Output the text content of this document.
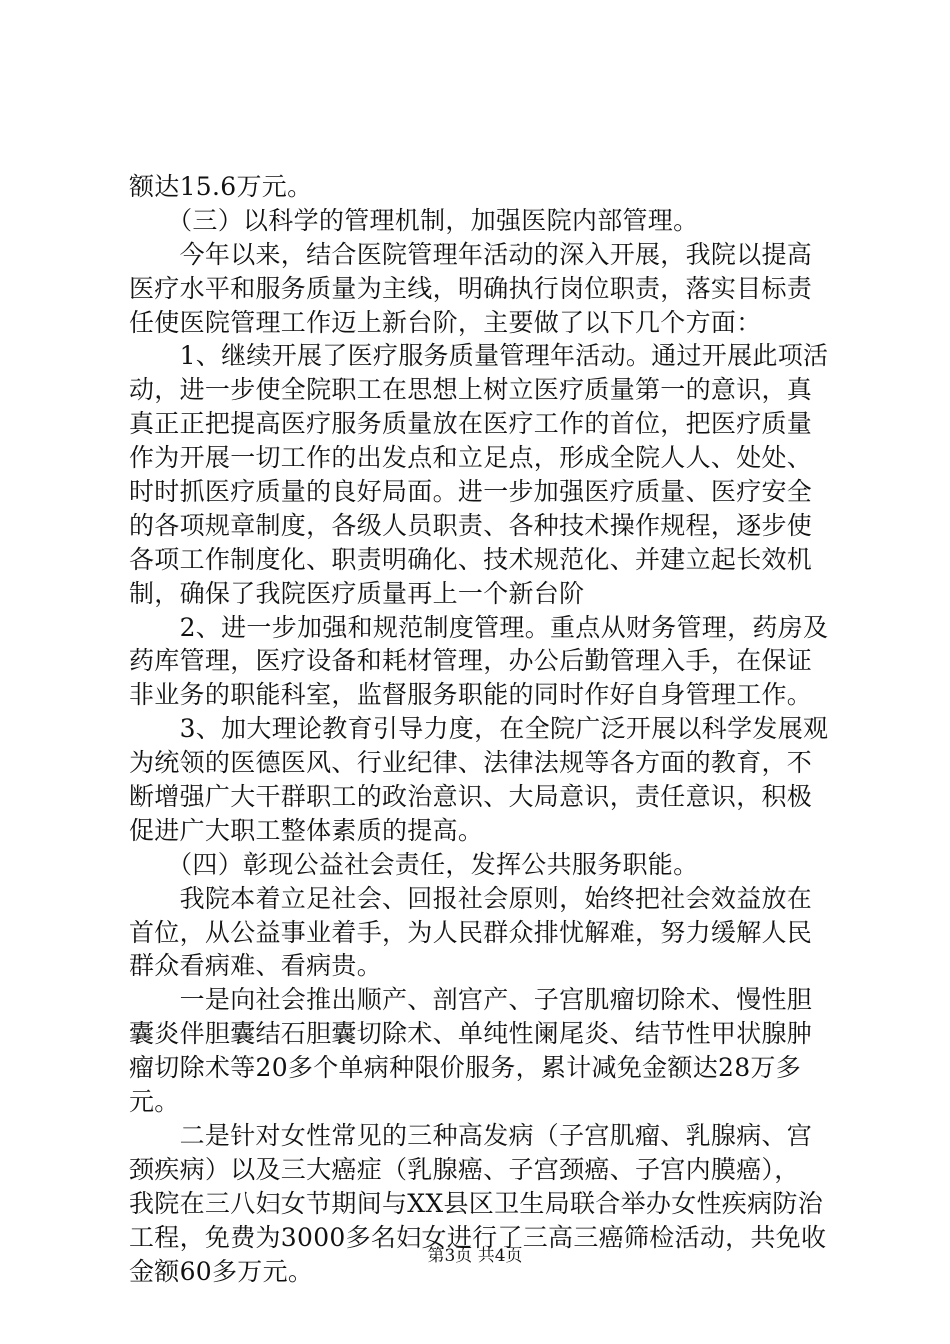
额达15.6万元。
　　（三）以科学的管理机制，加强医院内部管理。
　　今年以来，结合医院管理年活动的深入开展，我院以提高
医疗水平和服务质量为主线，明确执行岗位职责，落实目标责
任使医院管理工作迈上新台阶，主要做了以下几个方面：
　　1、继续开展了医疗服务质量管理年活动。通过开展此项活
动，进一步使全院职工在思想上树立医疗质量第一的意识，真
真正正把提高医疗服务质量放在医疗工作的首位，把医疗质量
作为开展一切工作的出发点和立足点，形成全院人人、处处、
时时抓医疗质量的良好局面。进一步加强医疗质量、医疗安全
的各项规章制度，各级人员职责、各种技术操作规程，逐步使
各项工作制度化、职责明确化、技术规范化、并建立起长效机
制，确保了我院医疗质量再上一个新台阶
　　2、进一步加强和规范制度管理。重点从财务管理，药房及
药库管理，医疗设备和耗材管理，办公后勤管理入手，在保证
非业务的职能科室，监督服务职能的同时作好自身管理工作。
　　3、加大理论教育引导力度，在全院广泛开展以科学发展观
为统领的医德医风、行业纪律、法律法规等各方面的教育，不
断增强广大干群职工的政治意识、大局意识，责任意识，积极
促进广大职工整体素质的提高。
　　（四）彰现公益社会责任，发挥公共服务职能。
　　我院本着立足社会、回报社会原则，始终把社会效益放在
首位，从公益事业着手，为人民群众排忧解难，努力缓解人民
群众看病难、看病贵。
　　一是向社会推出顺产、剖宫产、子宫肌瘤切除术、慢性胆
囊炎伴胆囊结石胆囊切除术、单纯性阑尾炎、结节性甲状腺肿
瘤切除术等20多个单病种限价服务，累计减免金额达28万多
元。
　　二是针对女性常见的三种高发病（子宫肌瘤、乳腺病、宫
颈疾病）以及三大癌症（乳腺癌、子宫颈癌、子宫内膜癌），
我院在三八妇女节期间与XX县区卫生局联合举办女性疾病防治
工程，免费为3000多名妇女进行了三高三癌筛检活动，共免收
金额60多万元。
第3页 共4页
